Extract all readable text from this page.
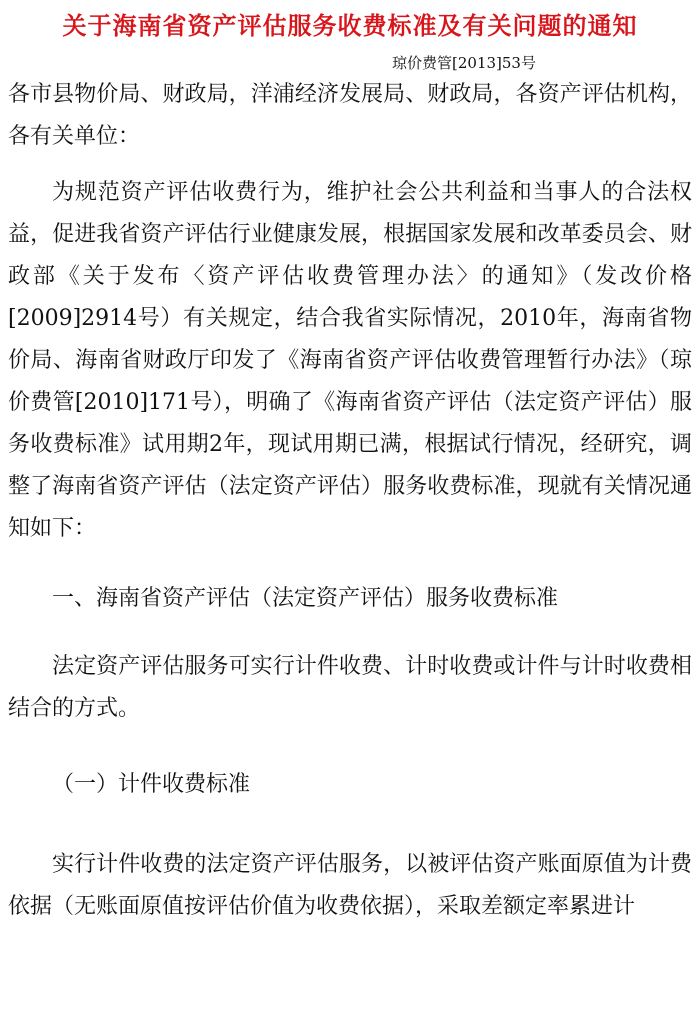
关于海南省资产评估服务收费标准及有关问题的通知
琼价费管[2013]53号

各市县物价局、财政局，洋浦经济发展局、财政局，各资产评估机构，各有关单位：

为规范资产评估收费行为，维护社会公共利益和当事人的合法权益，促进我省资产评估行业健康发展，根据国家发展和改革委员会、财政部《关于发布〈资产评估收费管理办法〉的通知》（发改价格[2009]2914号）有关规定，结合我省实际情况，2010年，海南省物价局、海南省财政厅印发了《海南省资产评估收费管理暂行办法》（琼价费管[2010]171号），明确了《海南省资产评估（法定资产评估）服务收费标准》试用期2年，现试用期已满，根据试行情况，经研究，调整了海南省资产评估（法定资产评估）服务收费标准，现就有关情况通知如下：

一、海南省资产评估（法定资产评估）服务收费标准

法定资产评估服务可实行计件收费、计时收费或计件与计时收费相结合的方式。

（一）计件收费标准

实行计件收费的法定资产评估服务，以被评估资产账面原值为计费依据（无账面原值按评估价值为收费依据），采取差额定率累进计
